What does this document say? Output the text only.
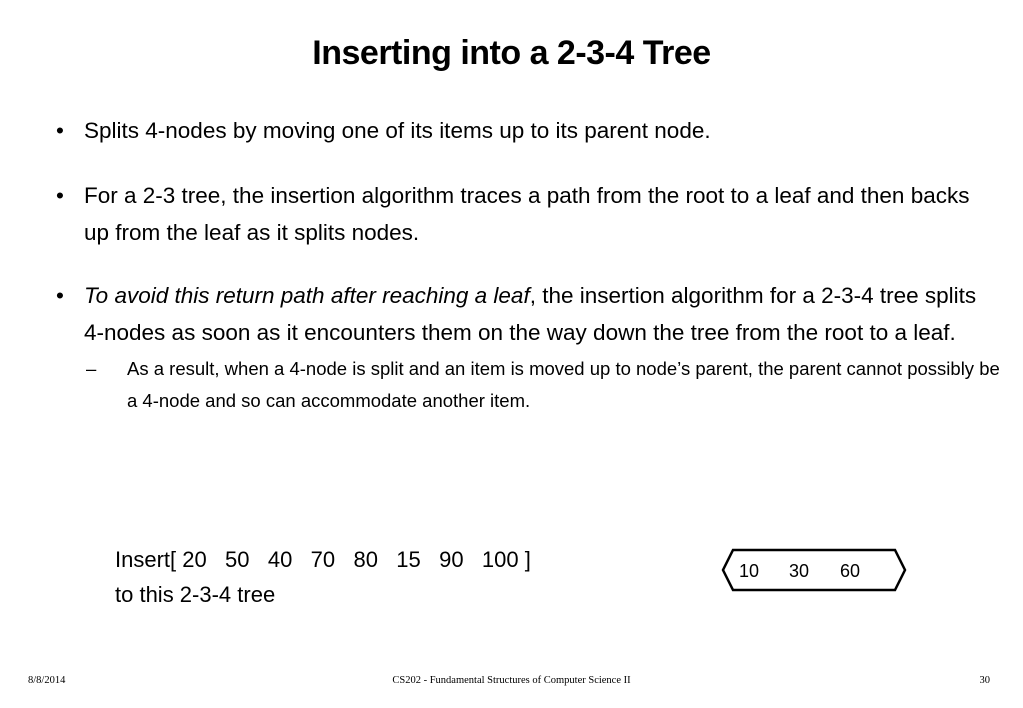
Inserting into a 2-3-4 Tree
• Splits 4-nodes by moving one of its items up to its parent node.
• For a 2-3 tree, the insertion algorithm traces a path from the root to a leaf and then backs up from the leaf as it splits nodes.
• To avoid this return path after reaching a leaf, the insertion algorithm for a 2-3-4 tree splits 4-nodes as soon as it encounters them on the way down the tree from the root to a leaf.
– As a result, when a 4-node is split and an item is moved up to node’s parent, the parent cannot possibly be a 4-node and so can accommodate another item.
Insert[ 20   50   40   70   80   15   90   100 ]
to this 2-3-4 tree
10 30 60
8/8/2014	CS202 - Fundamental Structures of Computer Science II	30
